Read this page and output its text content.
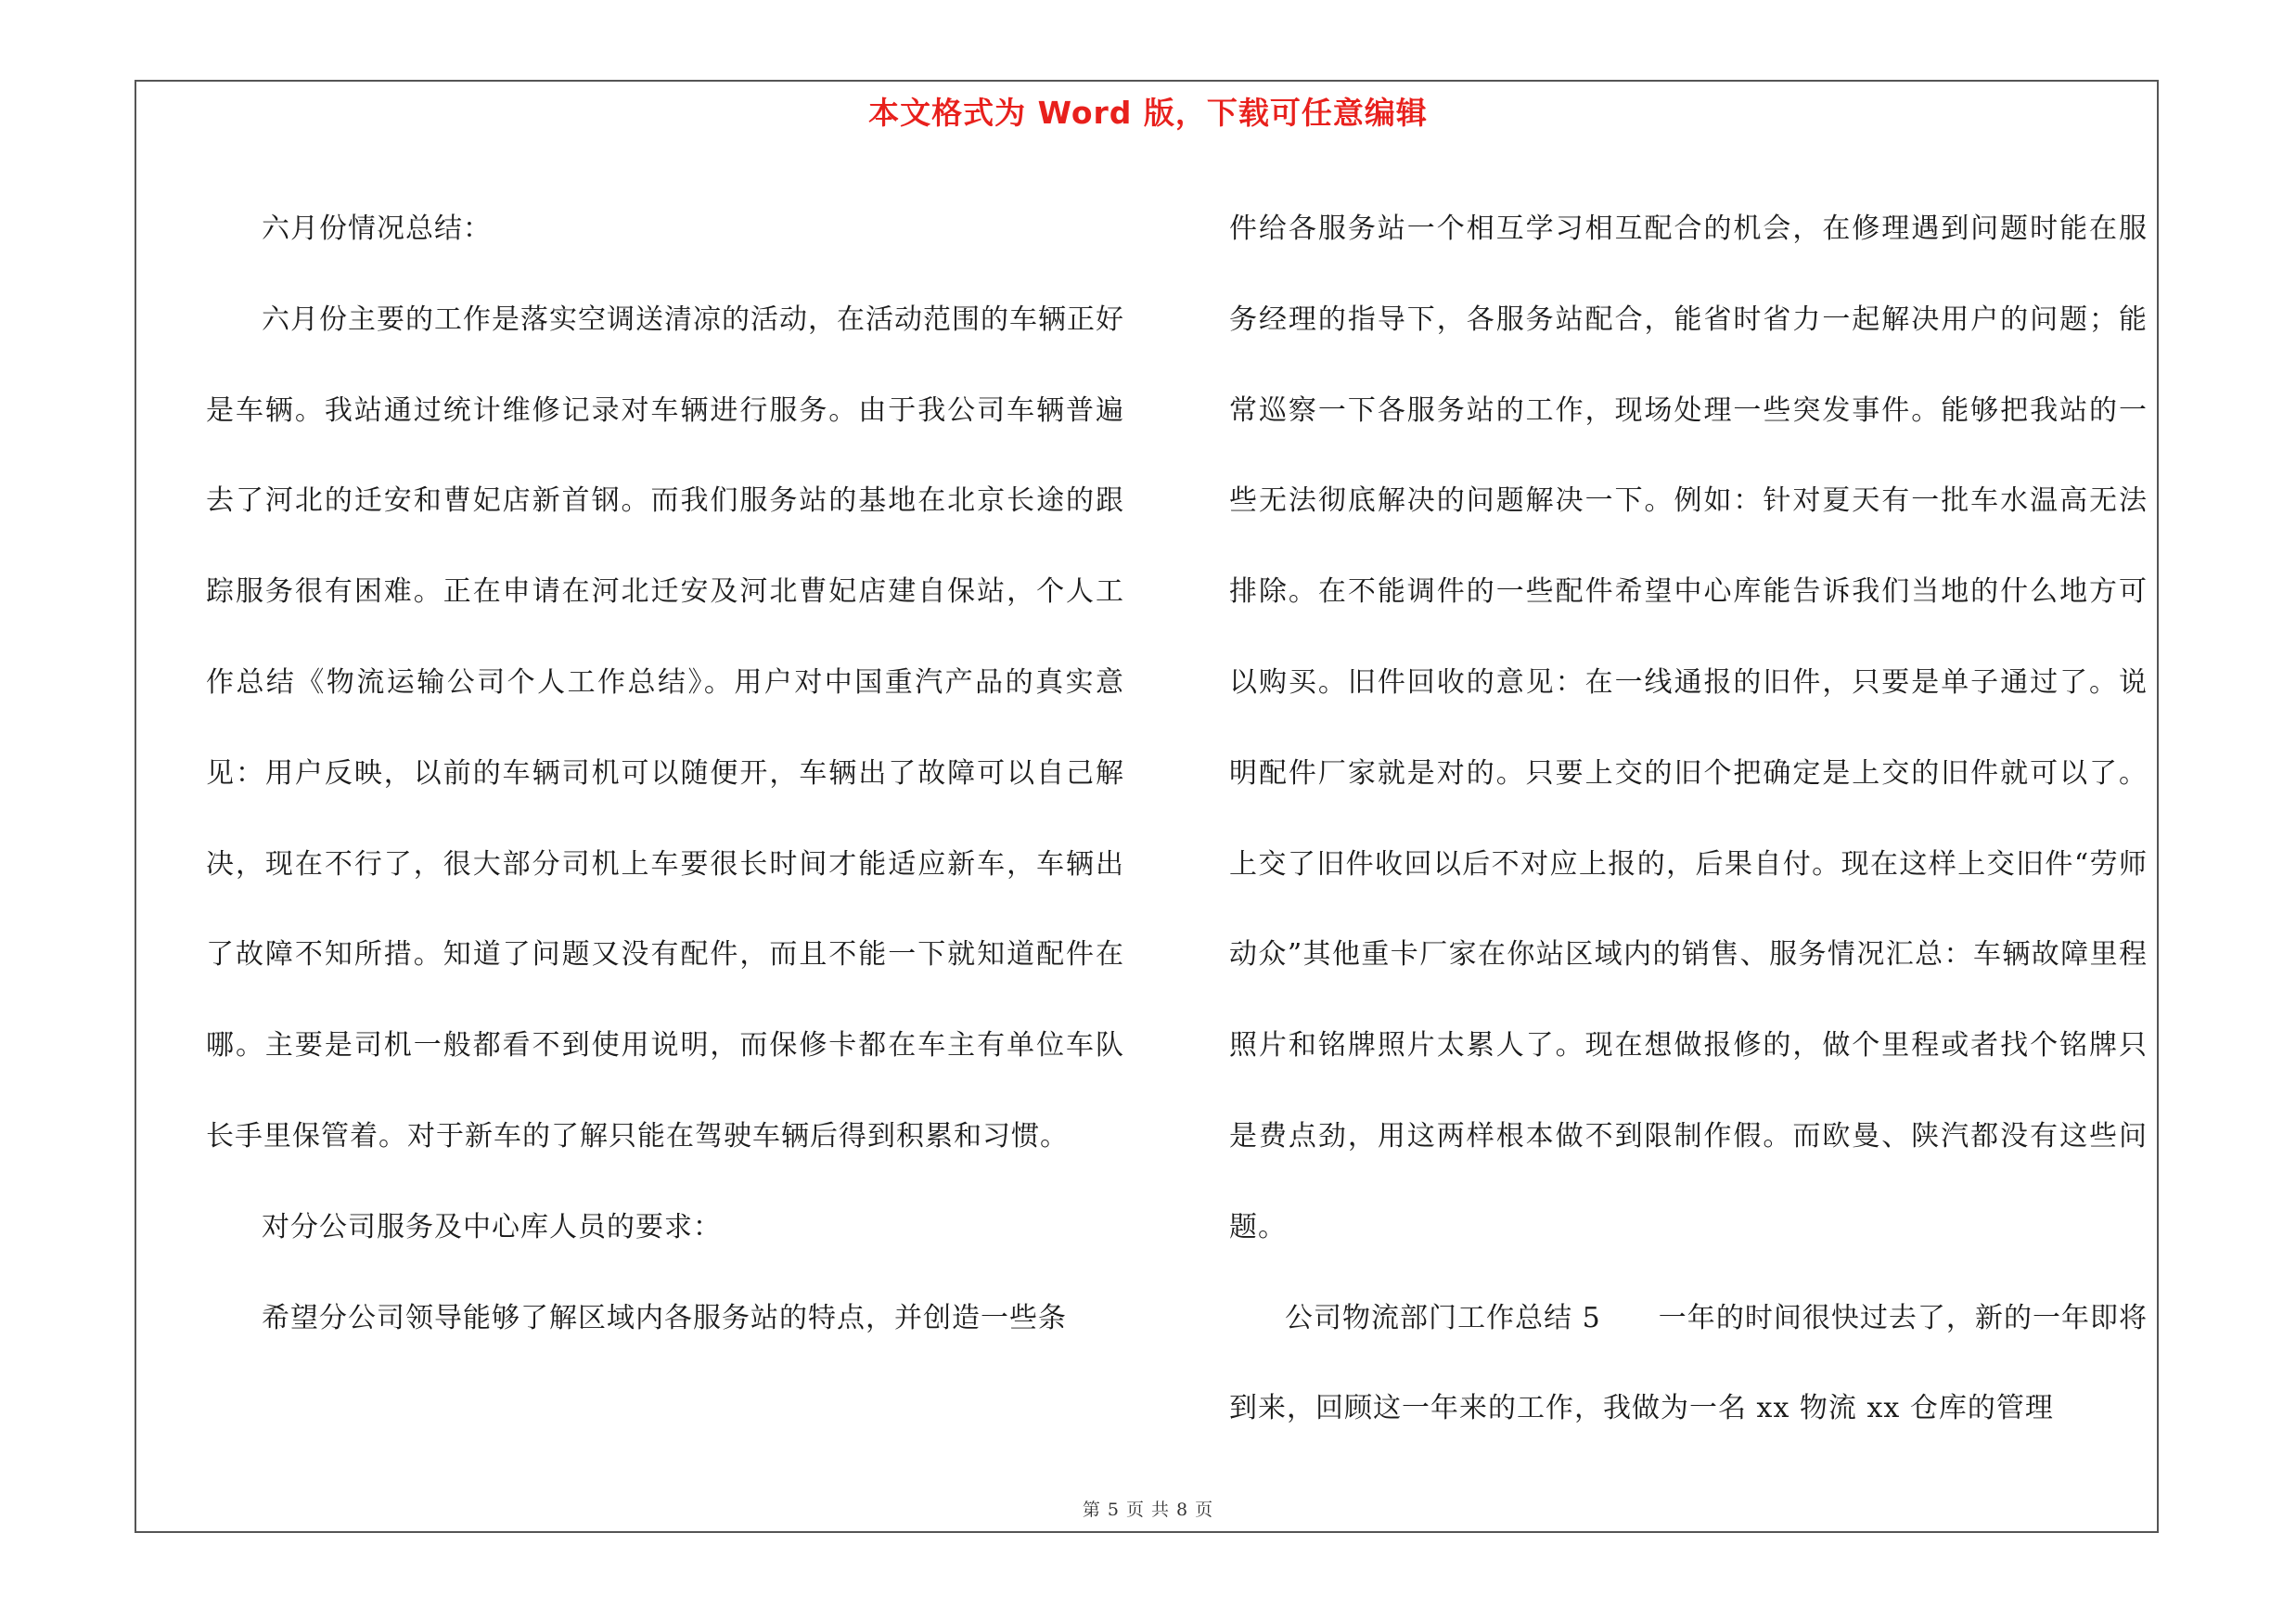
本文格式为 Word 版，下载可任意编辑

六月份情况总结：

六月份主要的工作是落实空调送清凉的活动，在活动范围的车辆正好是车辆。我站通过统计维修记录对车辆进行服务。由于我公司车辆普遍去了河北的迁安和曹妃店新首钢。而我们服务站的基地在北京长途的跟踪服务很有困难。正在申请在河北迁安及河北曹妃店建自保站，个人工作总结《物流运输公司个人工作总结》。用户对中国重汽产品的真实意见：用户反映，以前的车辆司机可以随便开，车辆出了故障可以自己解决，现在不行了，很大部分司机上车要很长时间才能适应新车，车辆出了故障不知所措。知道了问题又没有配件，而且不能一下就知道配件在哪。主要是司机一般都看不到使用说明，而保修卡都在车主有单位车队长手里保管着。对于新车的了解只能在驾驶车辆后得到积累和习惯。

对分公司服务及中心库人员的要求：

希望分公司领导能够了解区域内各服务站的特点，并创造一些条

件给各服务站一个相互学习相互配合的机会，在修理遇到问题时能在服务经理的指导下，各服务站配合，能省时省力一起解决用户的问题；能常巡察一下各服务站的工作，现场处理一些突发事件。能够把我站的一些无法彻底解决的问题解决一下。例如：针对夏天有一批车水温高无法排除。在不能调件的一些配件希望中心库能告诉我们当地的什么地方可以购买。旧件回收的意见：在一线通报的旧件，只要是单子通过了。说明配件厂家就是对的。只要上交的旧个把确定是上交的旧件就可以了。上交了旧件收回以后不对应上报的，后果自付。现在这样上交旧件“劳师动众”其他重卡厂家在你站区域内的销售、服务情况汇总：车辆故障里程照片和铭牌照片太累人了。现在想做报修的，做个里程或者找个铭牌只是费点劲，用这两样根本做不到限制作假。而欧曼、陕汽都没有这些问题。

公司物流部门工作总结 5　　一年的时间很快过去了，新的一年即将到来，回顾这一年来的工作，我做为一名 xx 物流 xx 仓库的管理

第 5 页 共 8 页
